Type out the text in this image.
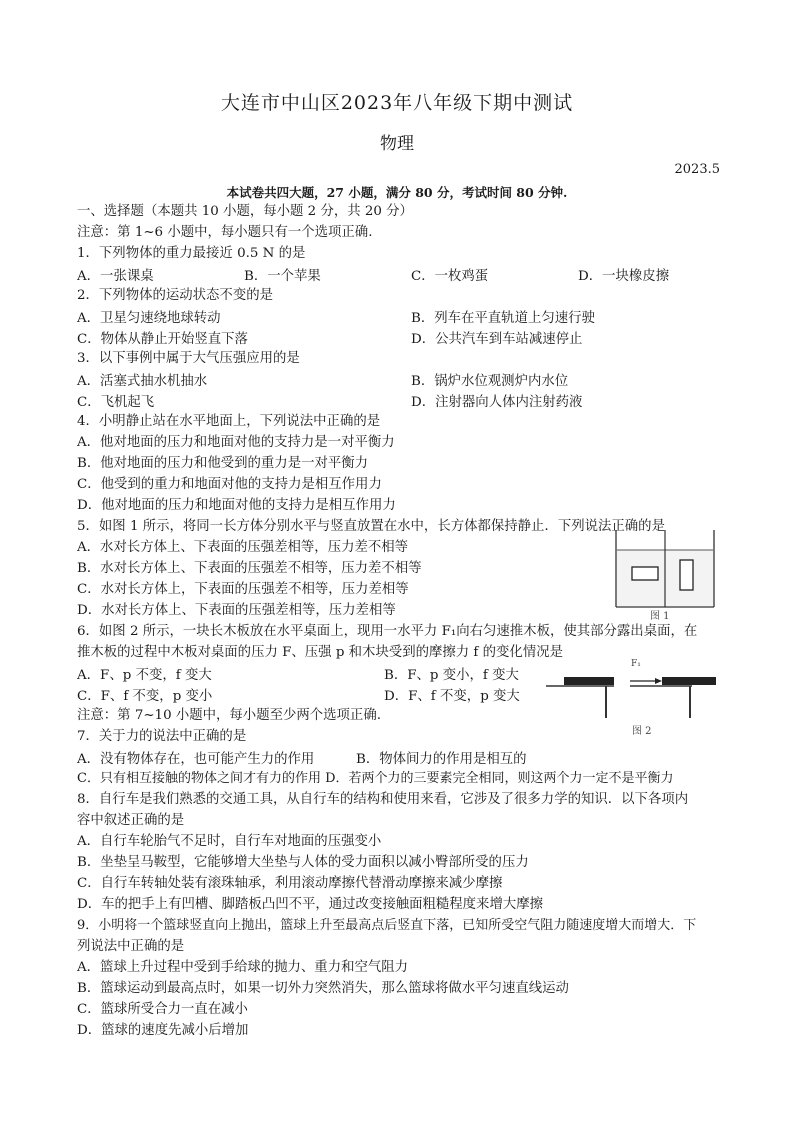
大连市中山区2023年八年级下期中测试
物理
2023.5
本试卷共四大题，27 小题，满分 80 分，考试时间 80 分钟.
一、选择题（本题共 10 小题，每小题 2 分，共 20 分）
注意：第 1~6 小题中，每小题只有一个选项正确.
1．下列物体的重力最接近 0.5 N 的是
A．一张课桌	B．一个苹果	C．一枚鸡蛋	D．一块橡皮擦
2．下列物体的运动状态不变的是
A．卫星匀速绕地球转动	B．列车在平直轨道上匀速行驶
C．物体从静止开始竖直下落	D．公共汽车到车站减速停止
3．以下事例中属于大气压强应用的是
A．活塞式抽水机抽水	B．锅炉水位观测炉内水位
C．飞机起飞	D．注射器向人体内注射药液
4．小明静止站在水平地面上，下列说法中正确的是
A．他对地面的压力和地面对他的支持力是一对平衡力
B．他对地面的压力和他受到的重力是一对平衡力
C．他受到的重力和地面对他的支持力是相互作用力
D．他对地面的压力和地面对他的支持力是相互作用力
5．如图 1 所示，将同一长方体分别水平与竖直放置在水中，长方体都保持静止．下列说法正确的是
A．水对长方体上、下表面的压强差相等，压力差不相等
B．水对长方体上、下表面的压强差不相等，压力差不相等
C．水对长方体上，下表面的压强差不相等，压力差相等
D．水对长方体上、下表面的压强差相等，压力差相等	图 1
6．如图 2 所示，一块长木板放在水平桌面上，现用一水平力 F₁向右匀速推木板，使其部分露出桌面，在
推木板的过程中木板对桌面的压力 F、压强 p 和木块受到的摩擦力 f 的变化情况是
A．F、p 不变，f 变大	B．F、p 变小，f 变大
C．F、f 不变，p 变小	D．F、f 不变，p 变大
F₁
图 2
注意：第 7~10 小题中，每小题至少两个选项正确.
7．关于力的说法中正确的是
A．没有物体存在，也可能产生力的作用	B．物体间力的作用是相互的
C．只有相互接触的物体之间才有力的作用 D．若两个力的三要素完全相同，则这两个力一定不是平衡力
8．自行车是我们熟悉的交通工具，从自行车的结构和使用来看，它涉及了很多力学的知识．以下各项内
容中叙述正确的是
A．自行车轮胎气不足时，自行车对地面的压强变小
B．坐垫呈马鞍型，它能够增大坐垫与人体的受力面积以减小臀部所受的压力
C．自行车转轴处装有滚珠轴承，利用滚动摩擦代替滑动摩擦来减少摩擦
D．车的把手上有凹槽、脚踏板凸凹不平，通过改变接触面粗糙程度来增大摩擦
9．小明将一个篮球竖直向上抛出，篮球上升至最高点后竖直下落，已知所受空气阻力随速度增大而增大．下
列说法中正确的是
A．篮球上升过程中受到手给球的抛力、重力和空气阻力
B．篮球运动到最高点时，如果一切外力突然消失，那么篮球将做水平匀速直线运动
C．篮球所受合力一直在减小
D．篮球的速度先减小后增加
